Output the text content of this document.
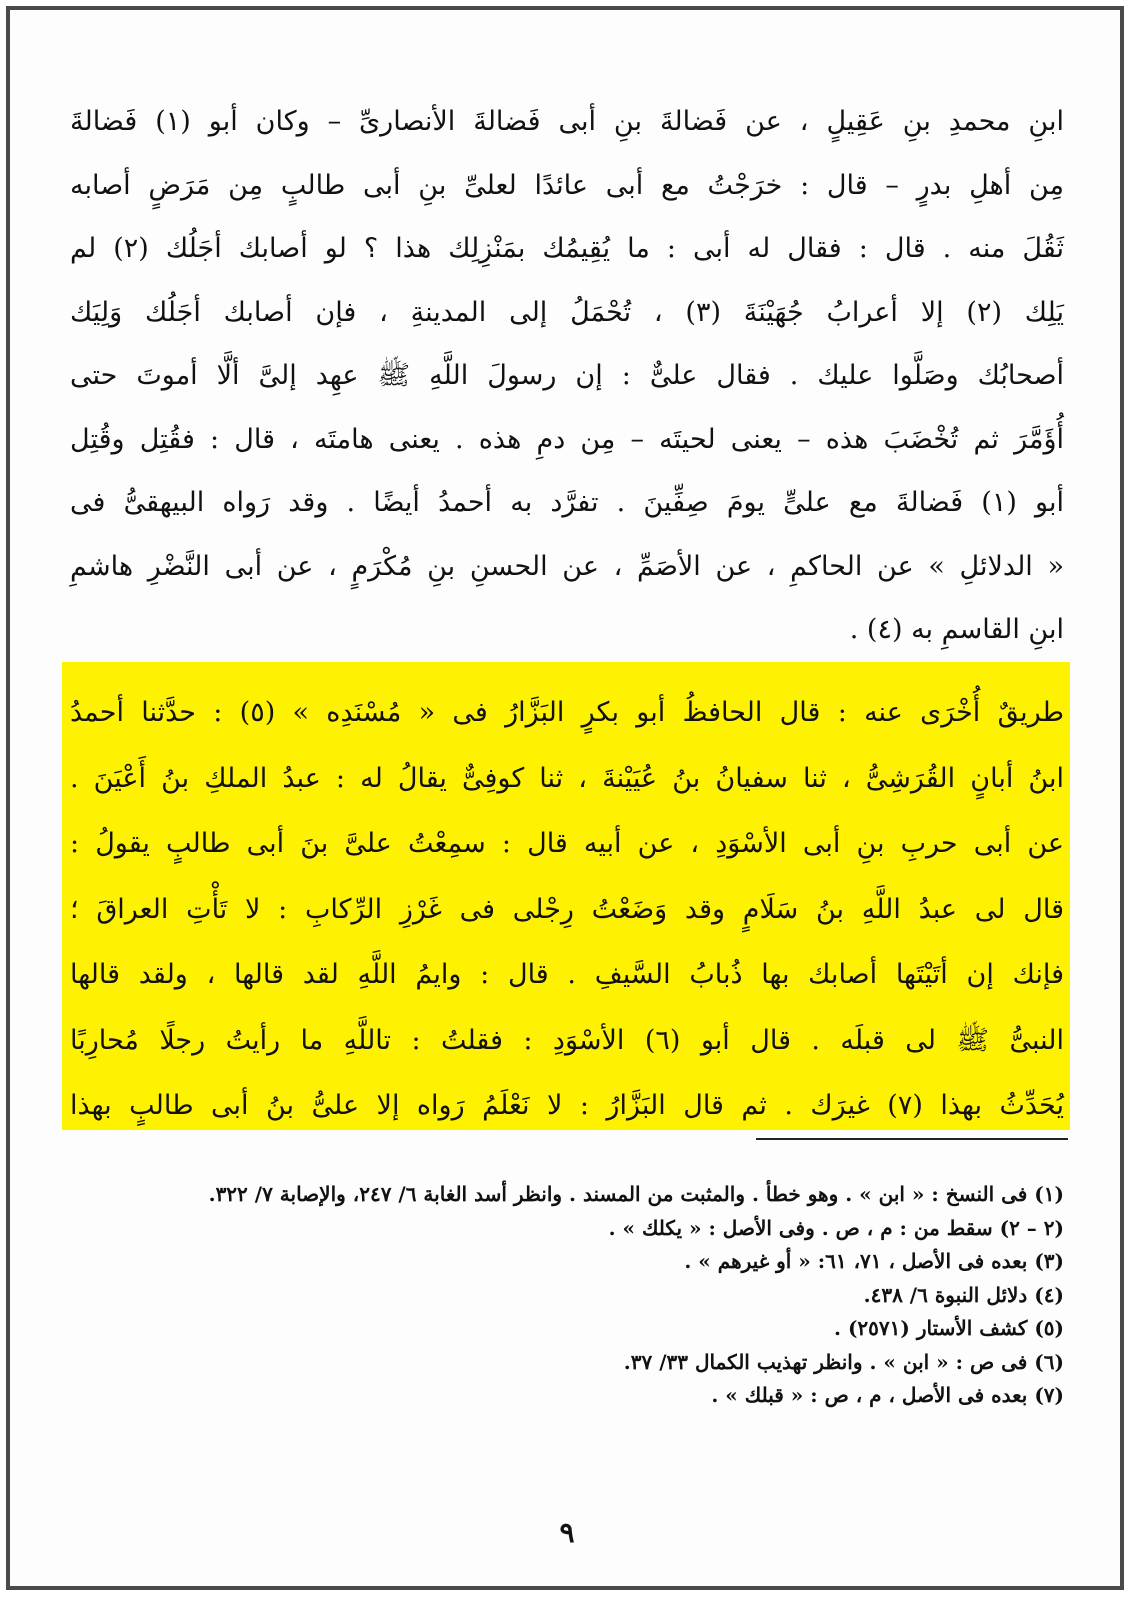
ابنِ محمدِ بنِ عَقِيلٍ ، عن فَضالةَ بنِ أبى فَضالةَ الأنصارىِّ – وكان أبو (١) فَضالةَ
مِن أهلِ بدرٍ – قال : خرَجْتُ مع أبى عائدًا لعلىِّ بنِ أبى طالبٍ مِن مَرَضٍ أصابه
ثَقُلَ منه . قال : فقال له أبى : ما يُقِيمُك بمَنْزِلِك هذا ؟ لو أصابك أجَلُك (٢) لم
يَلِك (٢) إلا أعرابُ جُهَيْنَةَ (٣) ، تُحْمَلُ إلى المدينةِ ، فإن أصابك أجَلُك وَلِيَك
أصحابُك وصَلَّوا عليك . فقال علىٌّ : إن رسولَ اللَّهِ ﷺ عهِد إلىَّ ألَّا أموتَ حتى
أُؤَمَّرَ ثم تُخْضَبَ هذه – يعنى لحيتَه – مِن دمِ هذه . يعنى هامتَه ، قال : فقُتِل وقُتِل
أبو (١) فَضالةَ مع علىٍّ يومَ صِفِّينَ . تفرَّد به أحمدُ أيضًا . وقد رَواه البيهقىُّ فى
« الدلائلِ » عن الحاكمِ ، عن الأصَمِّ ، عن الحسنِ بنِ مُكْرَمٍ ، عن أبى النَّضْرِ هاشمِ
ابنِ القاسمِ به (٤) .
طريقٌ أُخْرَى عنه : قال الحافظُ أبو بكرٍ البَزَّارُ فى « مُسْنَدِه » (٥) : حدَّثنا أحمدُ
ابنُ أبانٍ القُرَشِىُّ ، ثنا سفيانُ بنُ عُيَيْنةَ ، ثنا كوفِىٌّ يقالُ له : عبدُ الملكِ بنُ أَعْيَنَ .
عن أبى حربِ بنِ أبى الأسْوَدِ ، عن أبيه قال : سمِعْتُ علىَّ بنَ أبى طالبٍ يقولُ :
قال لى عبدُ اللَّهِ بنُ سَلَامٍ وقد وَضَعْتُ رِجْلى فى غَرْزِ الرِّكابِ : لا تَأْتِ العراقَ ؛
فإنك إن أتَيْتَها أصابك بها ذُبابُ السَّيفِ . قال : وايمُ اللَّهِ لقد قالها ، ولقد قالها
النبىُّ ﷺ لى قبلَه . قال أبو (٦) الأسْوَدِ : فقلتُ : تاللَّهِ ما رأيتُ رجلًا مُحارِبًا
يُحَدِّثُ بهذا (٧) غيرَك . ثم قال البَزَّارُ : لا نَعْلَمُ رَواه إلا علىُّ بنُ أبى طالبٍ بهذا
(١) فى النسخ : « ابن » . وهو خطأ . والمثبت من المسند . وانظر أسد الغابة ٦/ ٢٤٧، والإصابة ٧/ ٣٢٢.
(٢ – ٢) سقط من : م ، ص . وفى الأصل : « يكلك » .
(٣) بعده فى الأصل ، ٧١، ٦١: « أو غيرهم » .
(٤) دلائل النبوة ٦/ ٤٣٨.
(٥) كشف الأستار (٢٥٧١) .
(٦) فى ص : « ابن » . وانظر تهذيب الكمال ٣٣/ ٣٧.
(٧) بعده فى الأصل ، م ، ص : « قبلك » .
٩
